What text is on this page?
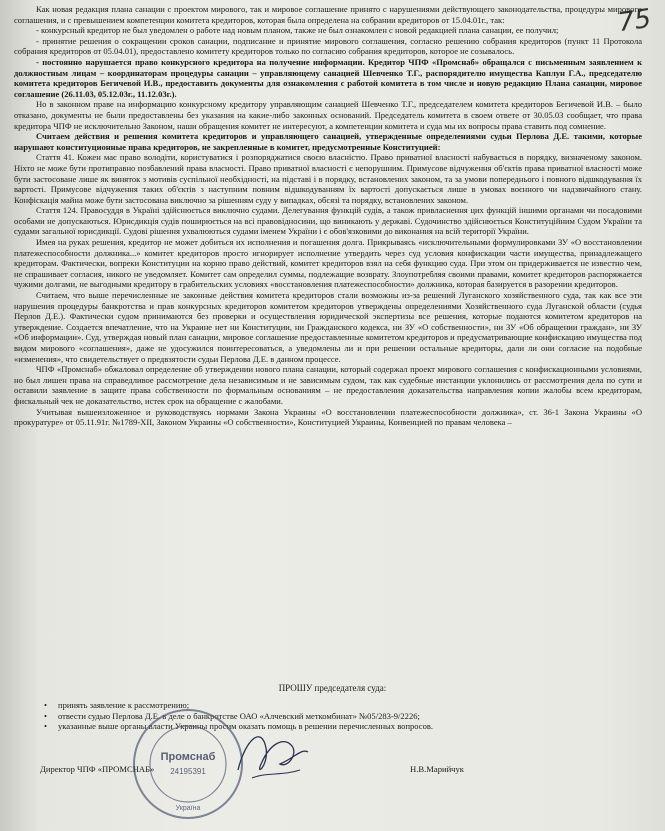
75

Как новая редакция плана санации с проектом мирового, так и мировое соглашение принято с нарушениями действующего законодательства, процедуры мирового соглашения, и с превышением компетенции комитета кредиторов, которая была определена на собрании кредиторов от 15.04.01г., так:

- конкурсный кредитор не был уведомлен о работе над новым планом, также не был ознакомлен с новой редакцией плана санации, ее получил;

- принятие решения о сокращении сроков санации, подписание и принятие мирового соглашения, согласно решению собрания кредиторов (пункт 11 Протокола собрания кредиторов от 05.04.01), предоставлено комитету кредиторов только по согласию собрания кредиторов, которое не созывалось.

- постоянно нарушается право конкурсного кредитора на получение информации. Кредитор ЧПФ «Промснаб» обращался с письменным заявлением к должностным лицам – координаторам процедуры санации – управляющему санацией Шевченко Т.Г., распорядителю имущества Каплун Г.А., председателю комитета кредиторов Бегичевой И.В., предоставить документы для ознакомления с работой комитета в том числе и новую редакцию Плана санации, мировое соглашение (26.11.03, 05.12.03г., 11.12.03г.).

Но в законном праве на информацию конкурсному кредитору управляющим санацией Шевченко Т.Г., председателем комитета кредиторов Бегичевой И.В. – было отказано, документы не были предоставлены без указания на какие-либо законных оснований. Председатель комитета в своем ответе от 30.05.03 сообщает, что права кредитора ЧПФ не исключительно Законом, наши обращения комитет не интересуют, а компетенции комитета и суда мы их вопросы права ставить под сомнение.

Считаем действия и решения комитета кредиторов и управляющего санацией, утвержденные определениями судьи Перлова Д.Е. такими, которые нарушают конституционные права кредиторов, не закрепленные в комитет, предусмотренные Конституцией:

Стаття 41. Кожен має право володіти, користуватися і розпоряджатися своєю власністю. Право приватної власності набувається в порядку, визначеному законом. Ніхто не може бути протиправно позбавлений права власності. Право приватної власності є непорушним. Примусове відчуження об'єктів права приватної власності може бути застосоване лише як виняток з мотивів суспільної необхідності, на підставі і в порядку, встановлених законом, та за умови попереднього і повного відшкодування їх вартості. Примусове відчуження таких об'єктів з наступним повним відшкодуванням їх вартості допускається лише в умовах воєнного чи надзвичайного стану. Конфіскація майна може бути застосована виключно за рішенням суду у випадках, обсязі та порядку, встановлених законом.

Стаття 124. Правосуддя в Україні здійснюється виключно судами. Делегування функцій судів, а також привласнення цих функцій іншими органами чи посадовими особами не допускаються. Юрисдикція судів поширюється на всі правовідносини, що виникають у державі. Судочинство здійснюється Конституційним Судом України та судами загальної юрисдикції. Судові рішення ухвалюються судами іменем України і є обов'язковими до виконання на всій території України.

Имея на руках решения, кредитор не может добиться их исполнения и погашения долга. Прикрываясь «исключительными формулировками ЗУ «О восстановлении платежеспособности должника...» комитет кредиторов просто игнорирует исполнение утвердить через суд условия конфискации части имущества, принадлежащего кредиторам. Фактически, вопреки Конституции на корню право действий, комитет кредиторов взял на себя функцию суда. При этом он придерживается не известно чем, не спрашивает согласия, никого не уведомляет. Комитет сам определил суммы, подлежащие возврату. Злоупотребляя своими правами, комитет кредиторов распоряжается чужими долгами, не выгодными кредитору в грабительских условиях «восстановления платежеспособности» должника, которая базируется в разорении кредиторов.

Считаем, что выше перечисленные не законные действия комитета кредиторов стали возможны из-за решений Луганского хозяйственного суда, так как все эти нарушения процедуры банкротства и прав конкурсных кредиторов комитетом кредиторов утверждены определениями Хозяйственного суда Луганской области (судья Перлов Д.Е.). Фактически судом принимаются без проверки и осуществления юридической экспертизы все решения, которые подаются комитетом кредиторов на утверждение. Создается впечатление, что на Украине нет ни Конституции, ни Гражданского кодекса, ни ЗУ «О собственности», ни ЗУ «Об обращении граждан», ни ЗУ «Об информации». Суд, утверждая новый план санации, мировое соглашение предоставленные комитетом кредиторов и предусматривающие конфискацию имущества под видом мирового «соглашения», даже не удосужился поинтересоваться, а уведомлены ли и при решении остальные кредиторы, дали ли они согласие на подобные «изменения», что свидетельствует о предвзятости судьи Перлова Д.Е. в данном процессе.

ЧПФ «Промснаб» обжаловал определение об утверждении нового плана санации, который содержал проект мирового соглашения с конфискационными условиями, но был лишен права на справедливое рассмотрение дела независимым и не зависимым судом, так как судебные инстанции уклонились от рассмотрения дела по сути и оставили заявление в защите права собственности по формальным основаниям – не предоставления доказательства направления копии жалобы всем кредиторам, фискальный чек не доказательство, истек срок на обращение с жалобами.

Учитывая вышеизложенное и руководствуясь нормами Закона Украины «О восстановлении платежеспособности должника», ст. 36-1 Закона Украины «О прокуратуре» от 05.11.91г. №1789-XII, Законом Украины «О собственности», Конституцией Украины, Конвенцией по правам человека –

ПРОШУ председателя суда:
• принять заявление к рассмотрению;
• отвести судью Перлова Д.Е. в деле о банкротстве ОАО «Алчевский меткомбинат» №05/283-9/2226;
• указанные выше органы власти Украины просим оказать помощь в решении перечисленных вопросов.
Промснаб
24195391
Україна
Директор ЧПФ «ПРОМСНАБ»	Н.В.Марийчук
